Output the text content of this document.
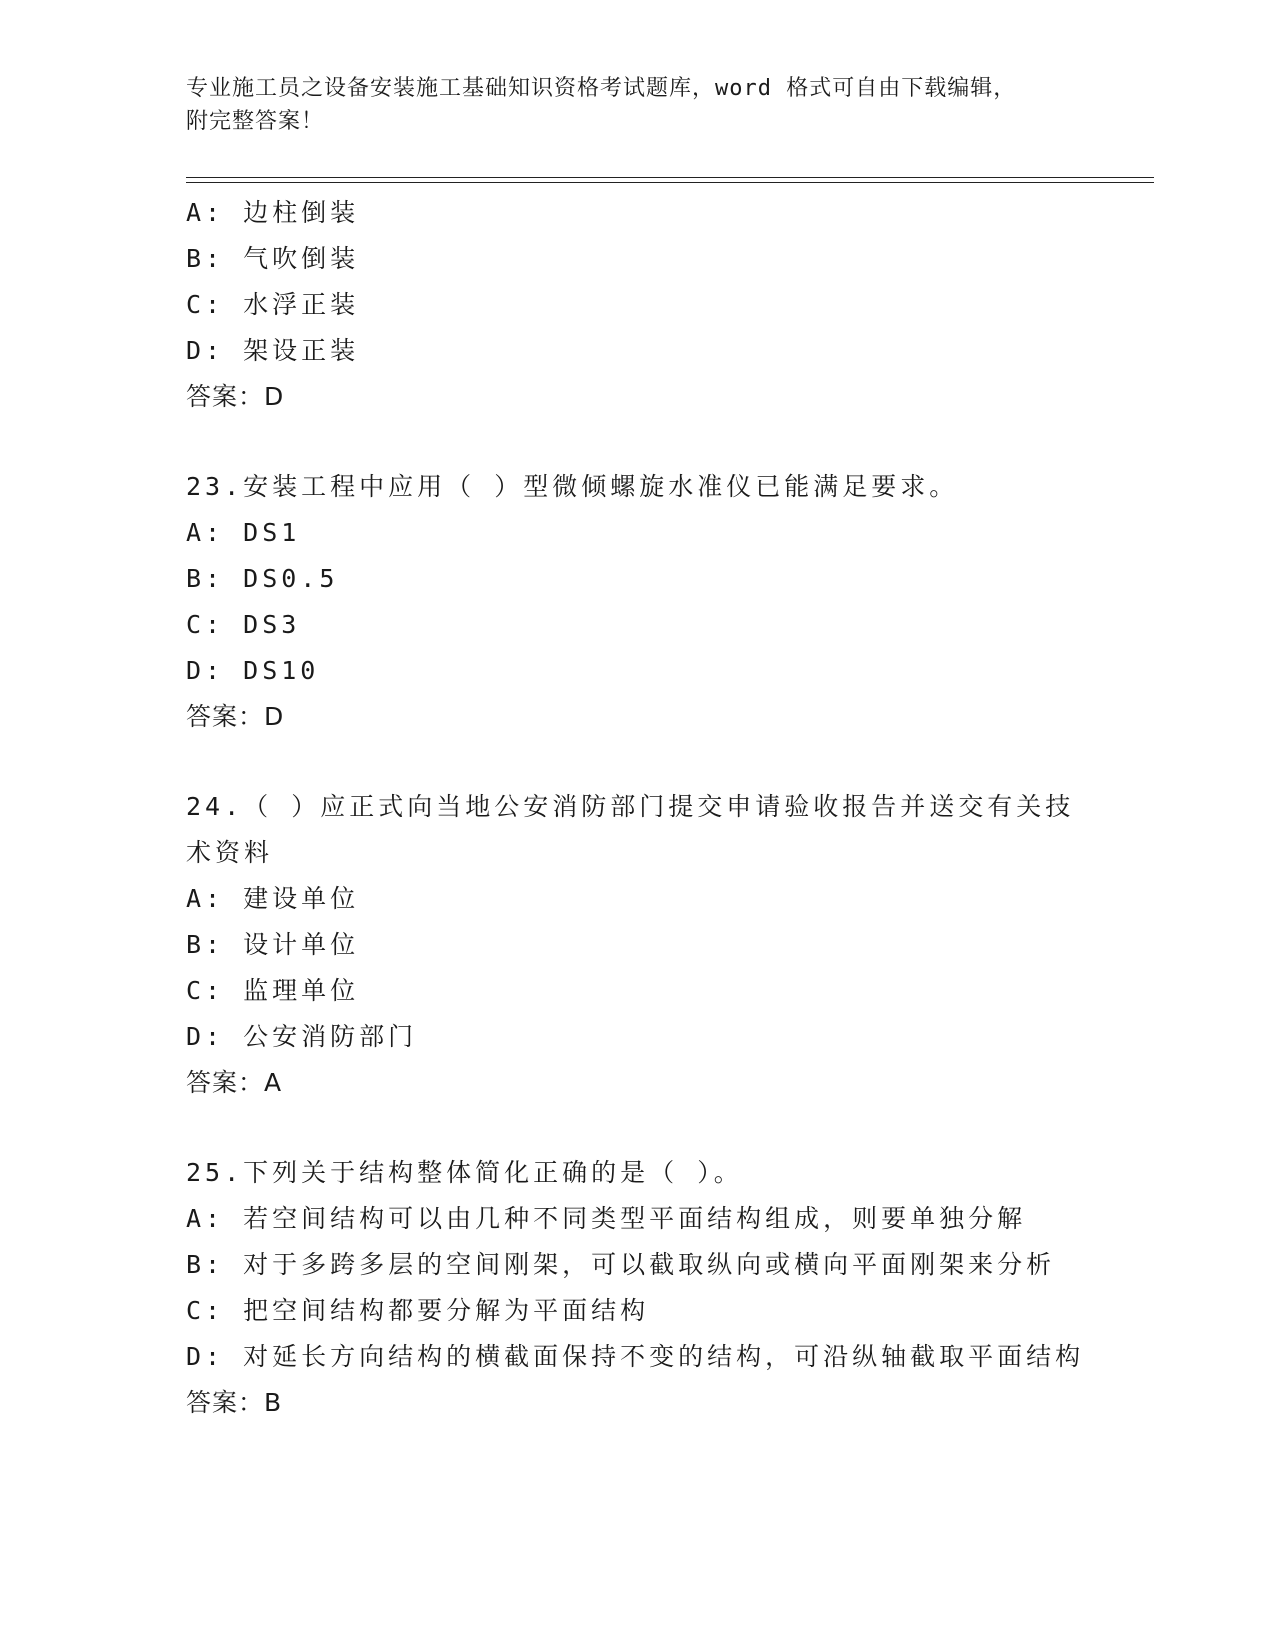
专业施工员之设备安装施工基础知识资格考试题库，word 格式可自由下载编辑，
附完整答案！
A: 边柱倒装
B: 气吹倒装
C: 水浮正装
D: 架设正装
答案：D
23.安装工程中应用（ ）型微倾螺旋水准仪已能满足要求。
A: DS1
B: DS0.5
C: DS3
D: DS10
答案：D
24.（ ）应正式向当地公安消防部门提交申请验收报告并送交有关技
术资料
A: 建设单位
B: 设计单位
C: 监理单位
D: 公安消防部门
答案：A
25.下列关于结构整体简化正确的是（ ）。
A: 若空间结构可以由几种不同类型平面结构组成，则要单独分解
B: 对于多跨多层的空间刚架，可以截取纵向或横向平面刚架来分析
C: 把空间结构都要分解为平面结构
D: 对延长方向结构的横截面保持不变的结构，可沿纵轴截取平面结构
答案：B
